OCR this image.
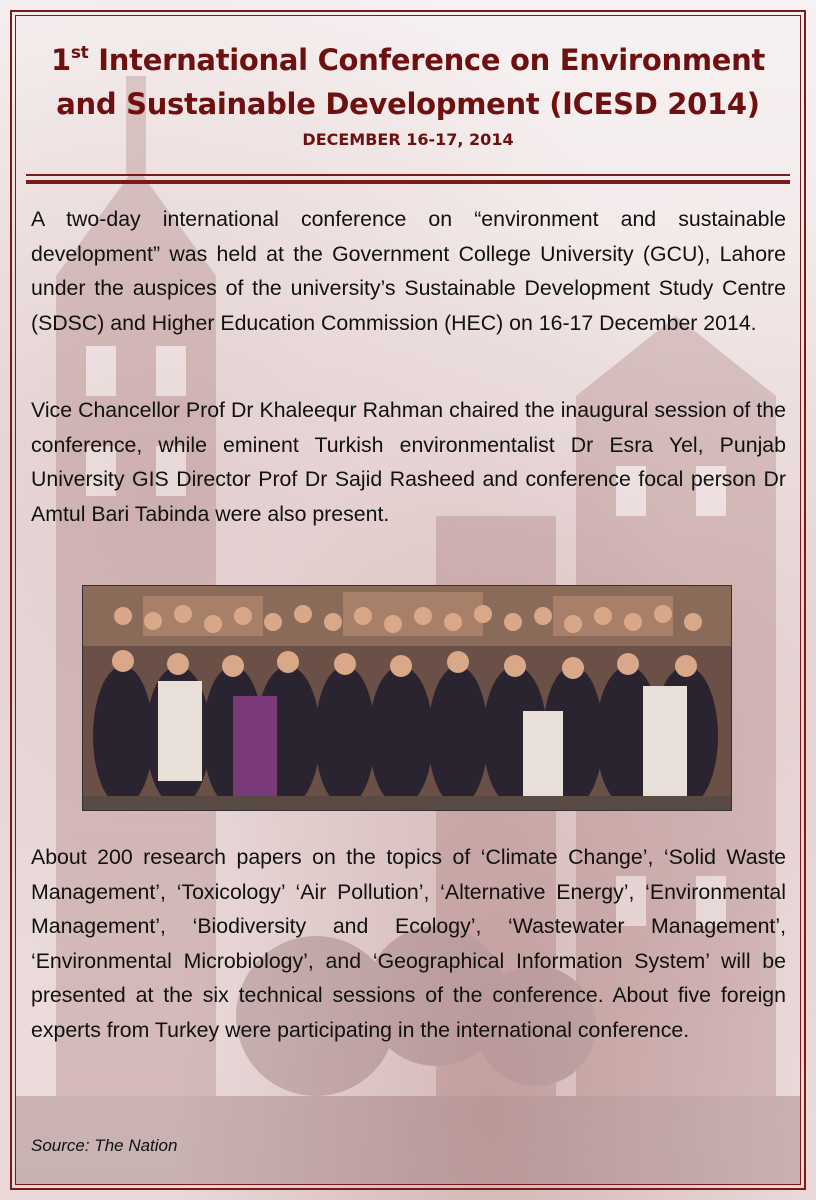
1st International Conference on Environment
and Sustainable Development (ICESD 2014)
DECEMBER 16-17, 2014

A two-day international conference on “environment and sustainable development” was held at the Government College University (GCU), Lahore under the auspices of the university’s Sustainable Development Study Centre (SDSC) and Higher Education Commission (HEC) on 16-17 December 2014.

Vice Chancellor Prof Dr Khaleequr Rahman chaired the inaugural session of the conference, while eminent Turkish environmentalist Dr Esra Yel, Punjab University GIS Director Prof Dr Sajid Rasheed and conference focal person Dr Amtul Bari Tabinda were also present.

About 200 research papers on the topics of ‘Climate Change’, ‘Solid Waste Management’, ‘Toxicology’ ‘Air Pollution’, ‘Alternative Energy’, ‘Environmental Management’, ‘Biodiversity and Ecology’, ‘Wastewater Management’, ‘Environmental Microbiology’, and ‘Geographical Information System’ will be presented at the six technical sessions of the conference. About five foreign experts from Turkey were participating in the international conference.

Source: The Nation
